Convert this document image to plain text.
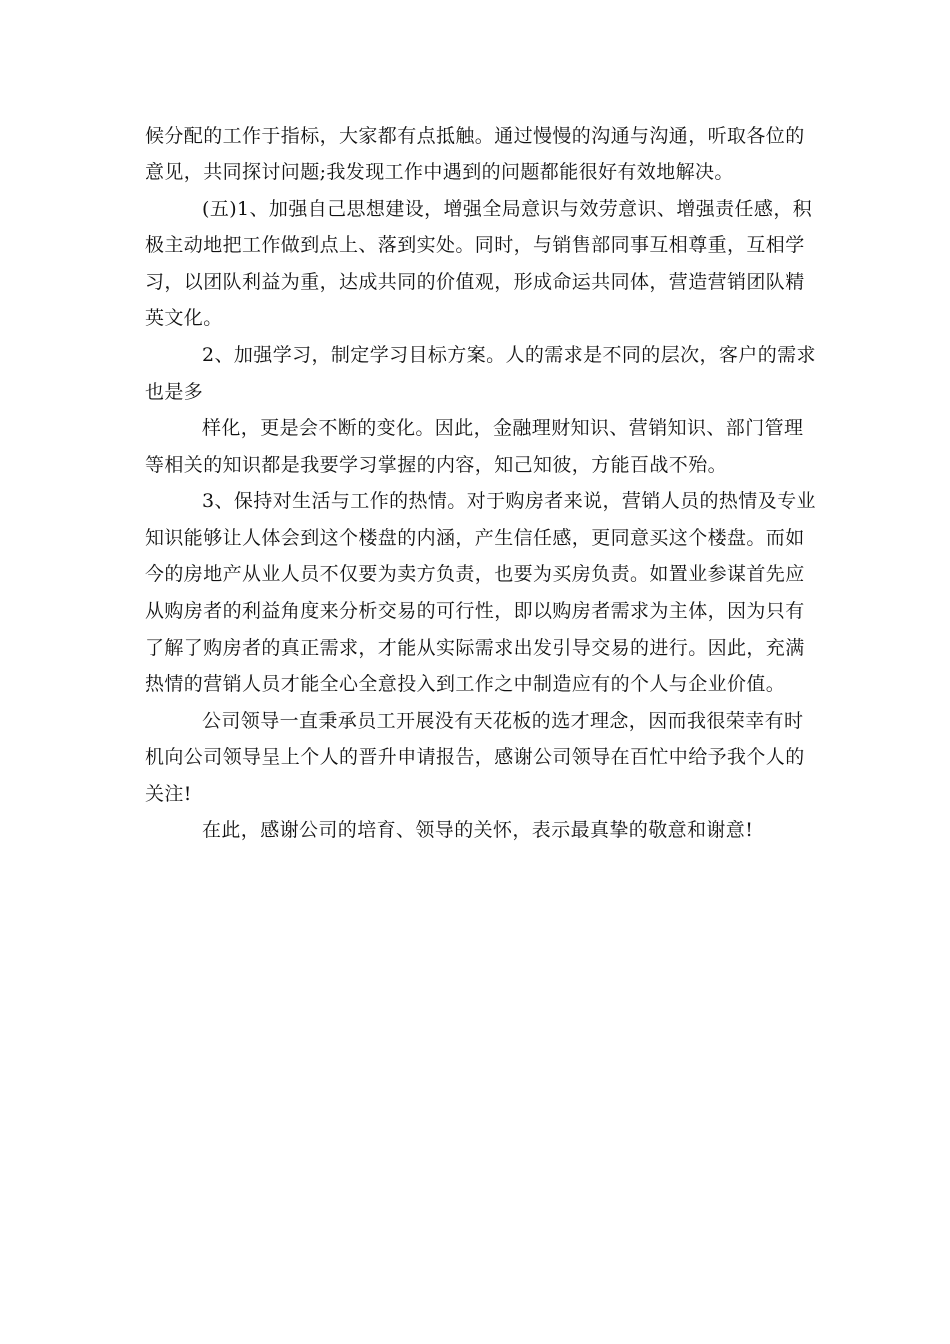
候分配的工作于指标，大家都有点抵触。通过慢慢的沟通与沟通，听取各位的
意见，共同探讨问题;我发现工作中遇到的问题都能很好有效地解决。
(五)1、加强自己思想建设，增强全局意识与效劳意识、增强责任感，积
极主动地把工作做到点上、落到实处。同时，与销售部同事互相尊重，互相学
习，以团队利益为重，达成共同的价值观，形成命运共同体，营造营销团队精
英文化。
2、加强学习，制定学习目标方案。人的需求是不同的层次，客户的需求
也是多
样化，更是会不断的变化。因此，金融理财知识、营销知识、部门管理
等相关的知识都是我要学习掌握的内容，知己知彼，方能百战不殆。
3、保持对生活与工作的热情。对于购房者来说，营销人员的热情及专业
知识能够让人体会到这个楼盘的内涵，产生信任感，更同意买这个楼盘。而如
今的房地产从业人员不仅要为卖方负责，也要为买房负责。如置业参谋首先应
从购房者的利益角度来分析交易的可行性，即以购房者需求为主体，因为只有
了解了购房者的真正需求，才能从实际需求出发引导交易的进行。因此，充满
热情的营销人员才能全心全意投入到工作之中制造应有的个人与企业价值。
公司领导一直秉承员工开展没有天花板的选才理念，因而我很荣幸有时
机向公司领导呈上个人的晋升申请报告，感谢公司领导在百忙中给予我个人的
关注!
在此，感谢公司的培育、领导的关怀，表示最真挚的敬意和谢意!
